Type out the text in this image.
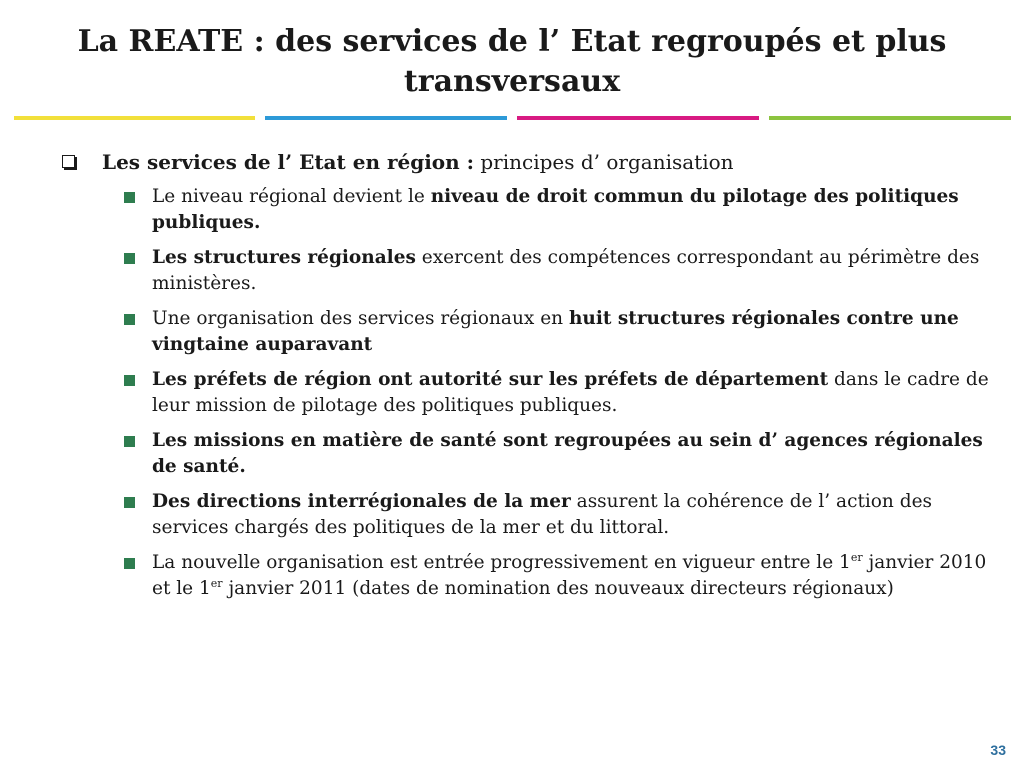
La REATE : des services de l’ Etat regroupés et plus transversaux
Les services de l’ Etat en région : principes d’ organisation
Le niveau régional devient le niveau de droit commun du pilotage des politiques publiques.
Les structures régionales exercent des compétences correspondant au périmètre des ministères.
Une organisation des services régionaux en huit structures régionales contre une vingtaine auparavant
Les préfets de région ont autorité sur les préfets de département dans le cadre de leur mission de pilotage des politiques publiques.
Les missions en matière de santé sont regroupées au sein d’ agences régionales de santé.
Des directions interrégionales de la mer assurent la cohérence de l’ action des services chargés des politiques de la mer et du littoral.
La nouvelle organisation est entrée progressivement en vigueur entre le 1er janvier 2010 et le 1er janvier 2011 (dates de nomination des nouveaux directeurs régionaux)
33
